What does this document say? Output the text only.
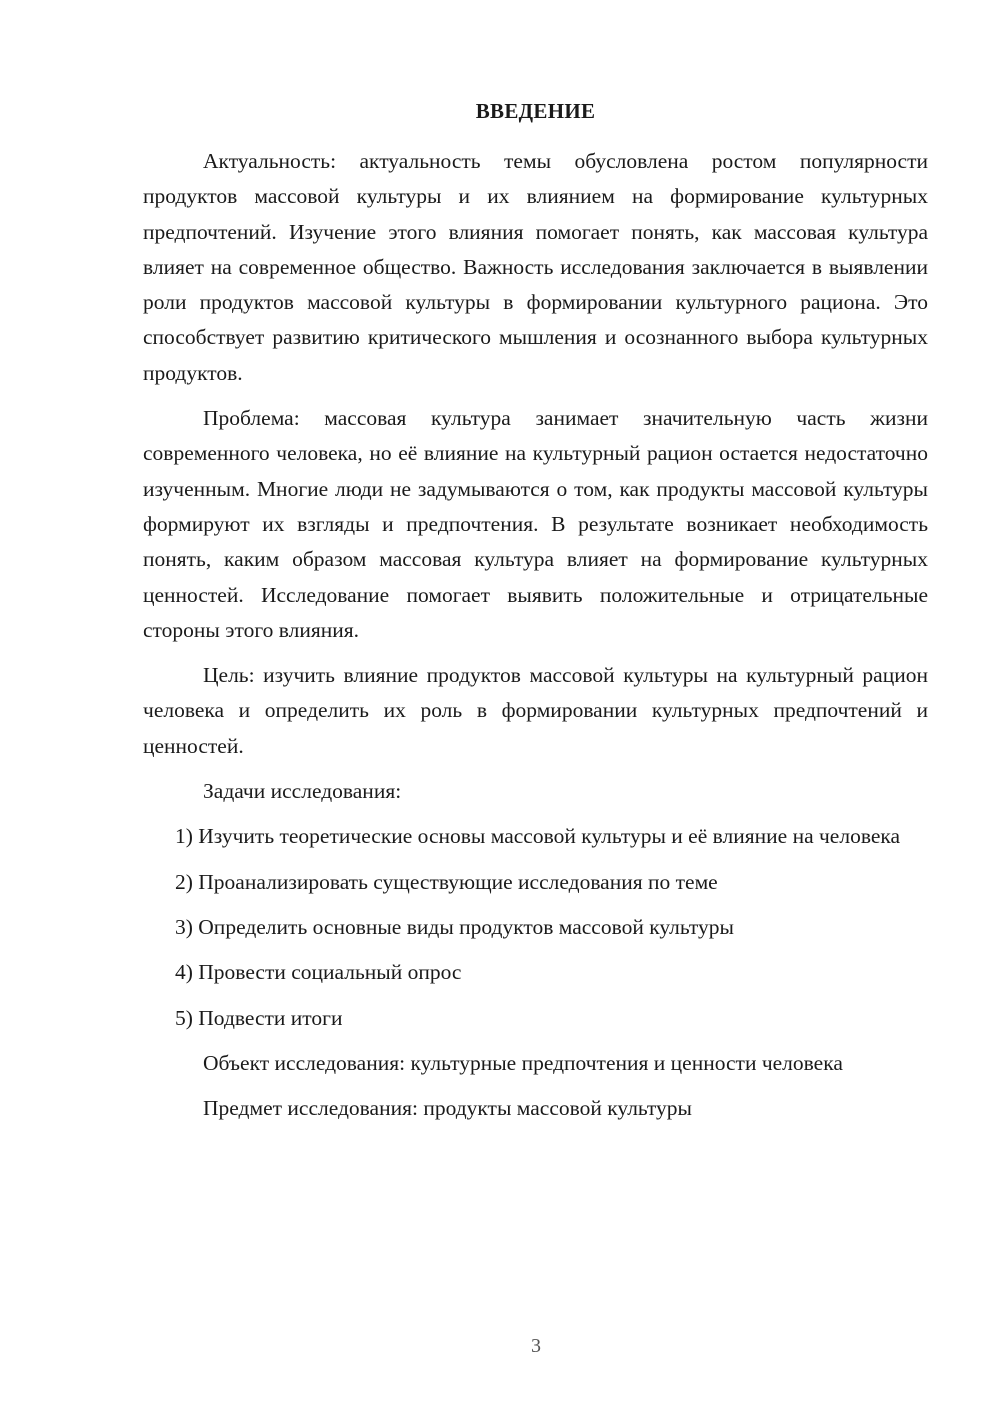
ВВЕДЕНИЕ

Актуальность: актуальность темы обусловлена ростом популярности продуктов массовой культуры и их влиянием на формирование культурных предпочтений. Изучение этого влияния помогает понять, как массовая культура влияет на современное общество. Важность исследования заключается в выявлении роли продуктов массовой культуры в формировании культурного рациона. Это способствует развитию критического мышления и осознанного выбора культурных продуктов.

Проблема: массовая культура занимает значительную часть жизни современного человека, но её влияние на культурный рацион остается недостаточно изученным. Многие люди не задумываются о том, как продукты массовой культуры формируют их взгляды и предпочтения. В результате возникает необходимость понять, каким образом массовая культура влияет на формирование культурных ценностей. Исследование помогает выявить положительные и отрицательные стороны этого влияния.

Цель: изучить влияние продуктов массовой культуры на культурный рацион человека и определить их роль в формировании культурных предпочтений и ценностей.

Задачи исследования:

1) Изучить теоретические основы массовой культуры и её влияние на человека

2) Проанализировать существующие исследования по теме

3) Определить основные виды продуктов массовой культуры

4) Провести социальный опрос

5) Подвести итоги

Объект исследования: культурные предпочтения и ценности человека

Предмет исследования: продукты массовой культуры

3
